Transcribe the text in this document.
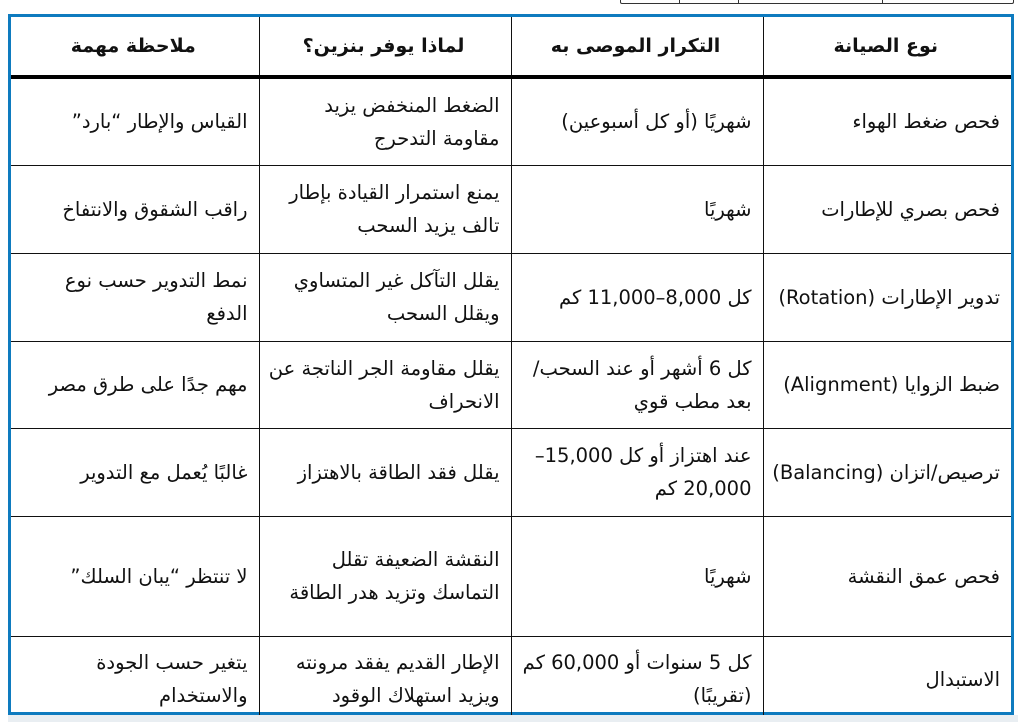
نوع الصيانة	التكرار الموصى به	لماذا يوفر بنزين؟	ملاحظة مهمة
فحص ضغط الهواء	شهريًا (أو كل أسبوعين)	الضغط المنخفض يزيد مقاومة التدحرج	القياس والإطار “بارد”
فحص بصري للإطارات	شهريًا	يمنع استمرار القيادة بإطار تالف يزيد السحب	راقب الشقوق والانتفاخ
تدوير الإطارات (Rotation)	كل 8,000–11,000 كم	يقلل التآكل غير المتساوي ويقلل السحب	نمط التدوير حسب نوع الدفع
ضبط الزوايا (Alignment)	كل 6 أشهر أو عند السحب/بعد مطب قوي	يقلل مقاومة الجر الناتجة عن الانحراف	مهم جدًا على طرق مصر
ترصيص/اتزان (Balancing)	عند اهتزاز أو كل 15,000–20,000 كم	يقلل فقد الطاقة بالاهتزاز	غالبًا يُعمل مع التدوير
فحص عمق النقشة	شهريًا	النقشة الضعيفة تقلل التماسك وتزيد هدر الطاقة	لا تنتظر “يبان السلك”
الاستبدال	كل 5 سنوات أو 60,000 كم (تقريبًا)	الإطار القديم يفقد مرونته ويزيد استهلاك الوقود	يتغير حسب الجودة والاستخدام
